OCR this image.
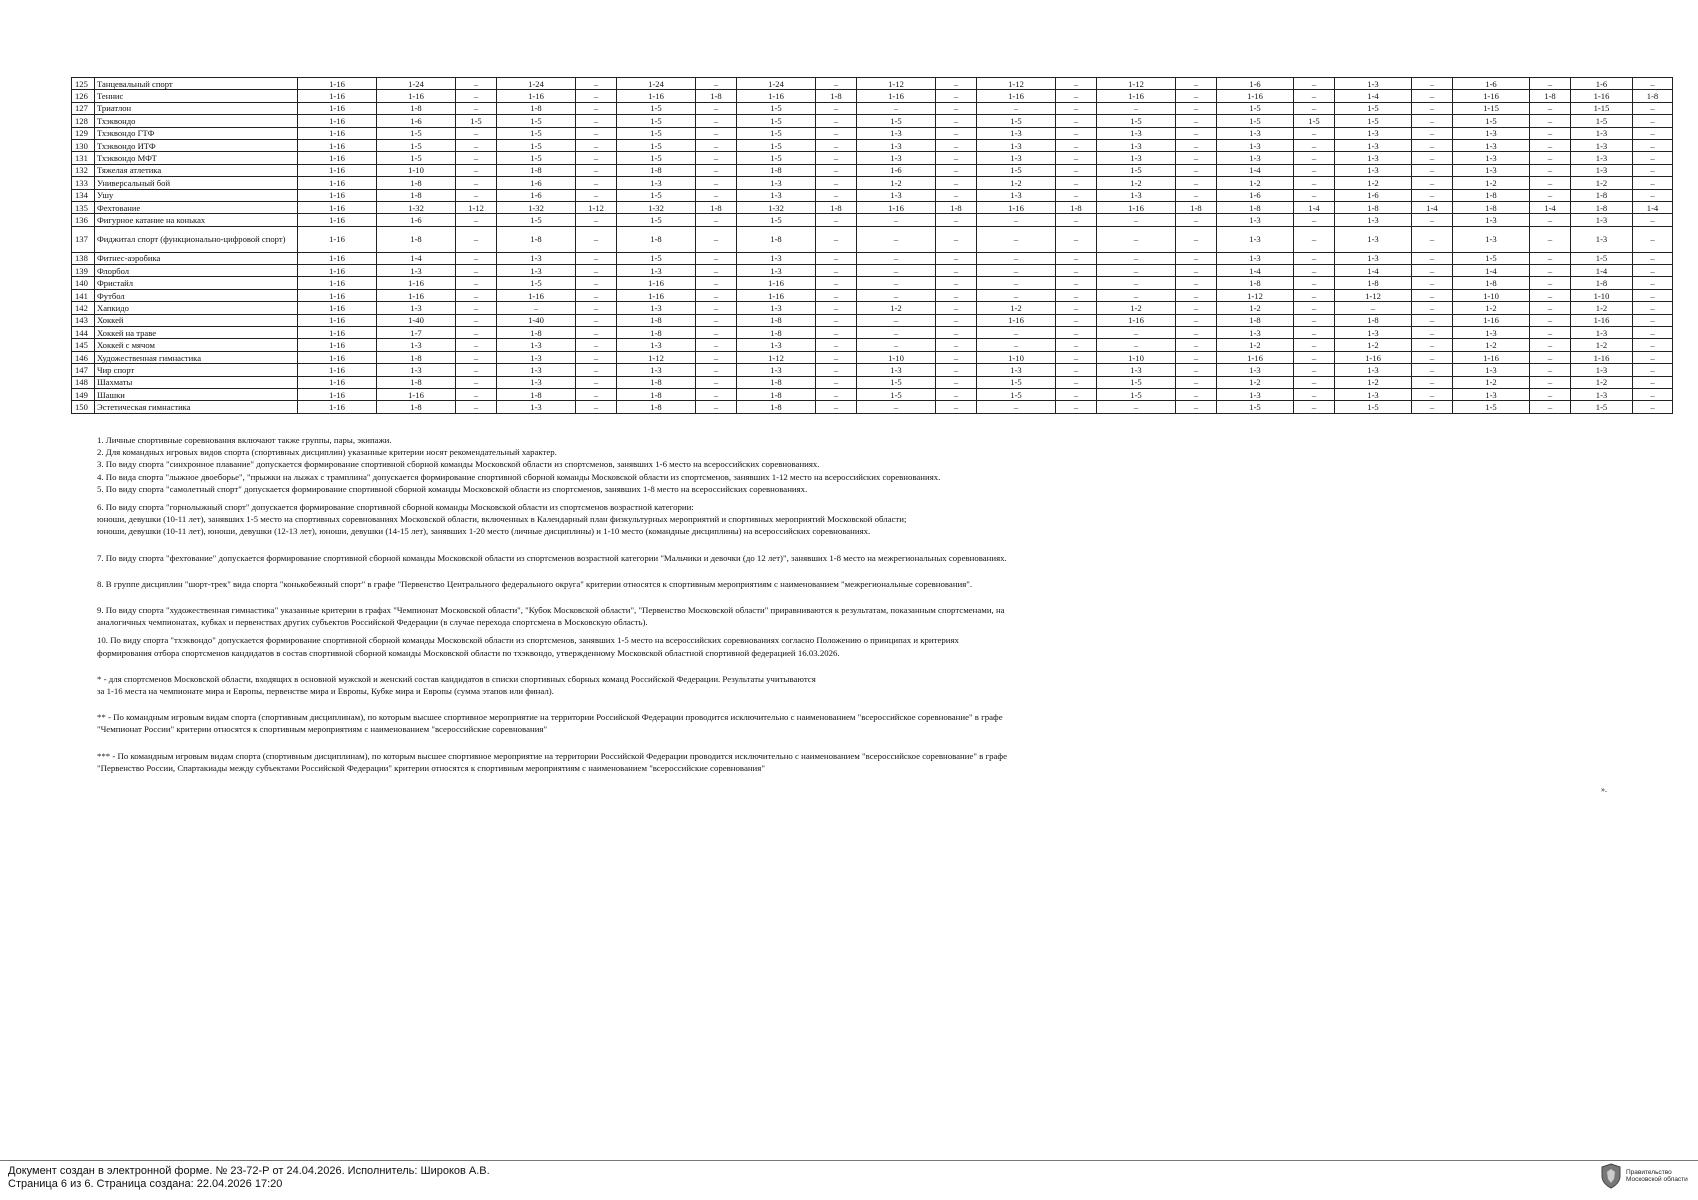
125	Танцевальный спорт	1-16	1-24	–	1-24	–	1-24	–	1-24	–	1-12	–	1-12	–	1-12	–	1-6	–	1-3	–	1-6	–	1-6	–
126	Теннис	1-16	1-16	–	1-16	–	1-16	1-8	1-16	1-8	1-16	–	1-16	–	1-16	–	1-16	–	1-4	–	1-16	1-8	1-16	1-8
127	Триатлон	1-16	1-8	–	1-8	–	1-5	–	1-5	–	–	–	–	–	–	–	1-5	–	1-5	–	1-15	–	1-15	–
128	Тхэквондо	1-16	1-6	1-5	1-5	–	1-5	–	1-5	–	1-5	–	1-5	–	1-5	–	1-5	1-5	1-5	–	1-5	–	1-5	–
129	Тхэквондо ГТФ	1-16	1-5	–	1-5	–	1-5	–	1-5	–	1-3	–	1-3	–	1-3	–	1-3	–	1-3	–	1-3	–	1-3	–
130	Тхэквондо ИТФ	1-16	1-5	–	1-5	–	1-5	–	1-5	–	1-3	–	1-3	–	1-3	–	1-3	–	1-3	–	1-3	–	1-3	–
131	Тхэквондо МФТ	1-16	1-5	–	1-5	–	1-5	–	1-5	–	1-3	–	1-3	–	1-3	–	1-3	–	1-3	–	1-3	–	1-3	–
132	Тяжелая атлетика	1-16	1-10	–	1-8	–	1-8	–	1-8	–	1-6	–	1-5	–	1-5	–	1-4	–	1-3	–	1-3	–	1-3	–
133	Универсальный бой	1-16	1-8	–	1-6	–	1-3	–	1-3	–	1-2	–	1-2	–	1-2	–	1-2	–	1-2	–	1-2	–	1-2	–
134	Ушу	1-16	1-8	–	1-6	–	1-5	–	1-3	–	1-3	–	1-3	–	1-3	–	1-6	–	1-6	–	1-8	–	1-8	–
135	Фехтование	1-16	1-32	1-12	1-32	1-12	1-32	1-8	1-32	1-8	1-16	1-8	1-16	1-8	1-16	1-8	1-8	1-4	1-8	1-4	1-8	1-4	1-8	1-4
136	Фигурное катание на коньках	1-16	1-6	–	1-5	–	1-5	–	1-5	–	–	–	–	–	–	–	1-3	–	1-3	–	1-3	–	1-3	–
137	Фиджитал спорт (функционально-цифровой спорт)	1-16	1-8	–	1-8	–	1-8	–	1-8	–	–	–	–	–	–	–	1-3	–	1-3	–	1-3	–	1-3	–
138	Фитнес-аэробика	1-16	1-4	–	1-3	–	1-5	–	1-3	–	–	–	–	–	–	–	1-3	–	1-3	–	1-5	–	1-5	–
139	Флорбол	1-16	1-3	–	1-3	–	1-3	–	1-3	–	–	–	–	–	–	–	1-4	–	1-4	–	1-4	–	1-4	–
140	Фристайл	1-16	1-16	–	1-5	–	1-16	–	1-16	–	–	–	–	–	–	–	1-8	–	1-8	–	1-8	–	1-8	–
141	Футбол	1-16	1-16	–	1-16	–	1-16	–	1-16	–	–	–	–	–	–	–	1-12	–	1-12	–	1-10	–	1-10	–
142	Хапкидо	1-16	1-3	–	–	–	1-3	–	1-3	–	1-2	–	1-2	–	1-2	–	1-2	–	–	–	1-2	–	1-2	–
143	Хоккей	1-16	1-40	–	1-40	–	1-8	–	1-8	–	–	–	1-16	–	1-16	–	1-8	–	1-8	–	1-16	–	1-16	–
144	Хоккей на траве	1-16	1-7	–	1-8	–	1-8	–	1-8	–	–	–	–	–	–	–	1-3	–	1-3	–	1-3	–	1-3	–
145	Хоккей с мячом	1-16	1-3	–	1-3	–	1-3	–	1-3	–	–	–	–	–	–	–	1-2	–	1-2	–	1-2	–	1-2	–
146	Художественная гимнастика	1-16	1-8	–	1-3	–	1-12	–	1-12	–	1-10	–	1-10	–	1-10	–	1-16	–	1-16	–	1-16	–	1-16	–
147	Чир спорт	1-16	1-3	–	1-3	–	1-3	–	1-3	–	1-3	–	1-3	–	1-3	–	1-3	–	1-3	–	1-3	–	1-3	–
148	Шахматы	1-16	1-8	–	1-3	–	1-8	–	1-8	–	1-5	–	1-5	–	1-5	–	1-2	–	1-2	–	1-2	–	1-2	–
149	Шашки	1-16	1-16	–	1-8	–	1-8	–	1-8	–	1-5	–	1-5	–	1-5	–	1-3	–	1-3	–	1-3	–	1-3	–
150	Эстетическая гимнастика	1-16	1-8	–	1-3	–	1-8	–	1-8	–	–	–	–	–	–	–	1-5	–	1-5	–	1-5	–	1-5	–

1. Личные спортивные соревнования включают также группы, пары, экипажи.

2. Для командных игровых видов спорта (спортивных дисциплин) указанные критерии носят рекомендательный характер.

3. По виду спорта "синхронное плавание" допускается формирование спортивной сборной команды Московской области из спортсменов, занявших 1-6 место на всероссийских соревнованиях.

4. По вида спорта "лыжное двоеборье", "прыжки на лыжах с трамплина" допускается формирование спортивной сборной команды Московской области из спортсменов, занявших 1-12 место на всероссийских соревнованиях.

5. По виду спорта "самолетный спорт" допускается формирование спортивной сборной команды Московской области из спортсменов, занявших 1-8 место на всероссийских соревнованиях.

6. По виду спорта "горнолыжный спорт" допускается формирование спортивной сборной команды Московской области из спортсменов возрастной категории:

юноши, девушки (10-11 лет), занявших 1-5 место на спортивных соревнованиях Московской области, включенных в Календарный план физкультурных мероприятий и спортивных мероприятий Московской области;

юноши, девушки (10-11 лет), юноши, девушки (12-13 лет), юноши, девушки (14-15 лет), занявших 1-20 место (личные дисциплины) и 1-10 место (командные дисциплины) на всероссийских соревнованиях.

7. По виду спорта "фехтование" допускается формирование спортивной сборной команды Московской области из спортсменов возрастной категории "Мальчики и девочки (до 12 лет)", занявших 1-8 место на межрегиональных соревнованиях.

8. В группе дисциплин "шорт-трек" вида спорта "конькобежный спорт" в графе "Первенство Центрального федерального округа" критерии относятся к спортивным мероприятиям с наименованием "межрегиональные соревнования".

9. По виду спорта "художественная гимнастика" указанные критерии в графах "Чемпионат Московской области", "Кубок Московской области", "Первенство Московской области" приравниваются к результатам, показанным спортсменами, на

аналогичных чемпионатах, кубках и первенствах других субъектов Российской Федерации (в случае перехода спортсмена в Московскую область).

10. По виду спорта "тхэквондо" допускается формирование спортивной сборной команды Московской области из спортсменов, занявших 1-5 место на всероссийских соревнованиях согласно Положению о принципах и критериях

формирования отбора спортсменов кандидатов в состав спортивной сборной команды Московской области по тхэквондо, утвержденному Московской областной спортивной федерацией 16.03.2026.

* - для спортсменов Московской области, входящих в основной мужской и женский состав кандидатов в списки спортивных сборных команд Российской Федерации. Результаты учитываются

за 1-16 места на чемпионате мира и Европы, первенстве мира и Европы, Кубке мира и Европы (сумма этапов или финал).

** - По командным игровым видам спорта (спортивным дисциплинам), по которым высшее спортивное мероприятие на территории Российской Федерации проводится исключительно с наименованием "всероссийское соревнование" в графе

"Чемпионат России" критерии относятся к спортивным мероприятиям с наименованием "всероссийские соревнования"

*** - По командным игровым видам спорта (спортивным дисциплинам), по которым высшее спортивное мероприятие на территории Российской Федерации проводится исключительно с наименованием "всероссийское соревнование" в графе

"Первенство России, Спартакиады между субъектами Российской Федерации" критерии относятся к спортивным мероприятиям с наименованием "всероссийские соревнования"

».
Документ создан в электронной форме. № 23-72-Р от 24.04.2026. Исполнитель: Широков А.В.
Страница 6 из 6. Страница создана: 22.04.2026 17:20
Правительство
Московской области
